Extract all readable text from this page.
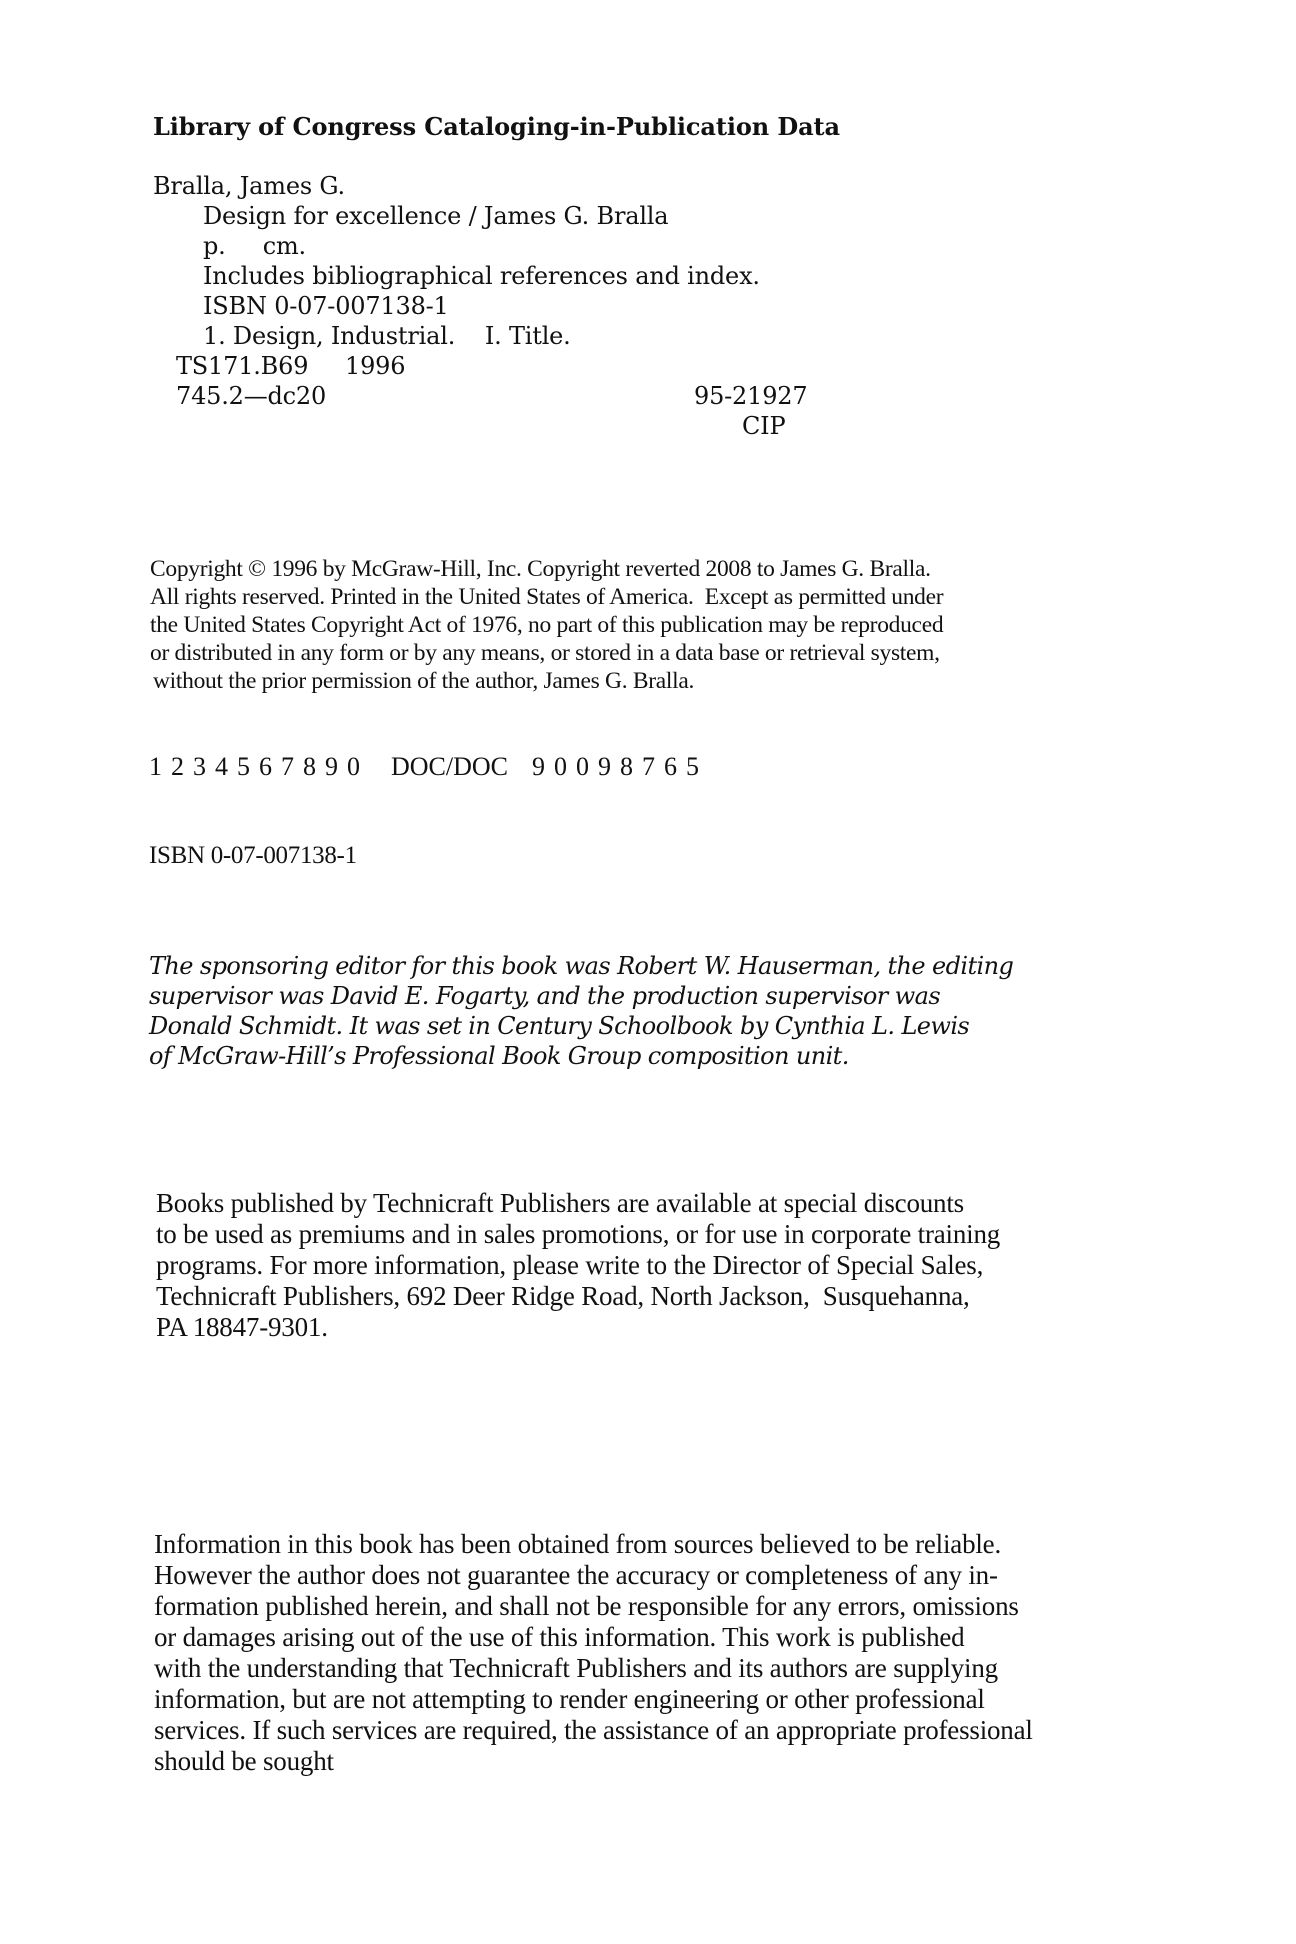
Library of Congress Cataloging-in-Publication Data

Bralla, James G.

Design for excellence / James G. Bralla

p.     cm.

Includes bibliographical references and index.

ISBN 0-07-007138-1

1. Design, Industrial.    I. Title.

TS171.B69 1996

745.2—dc20	95-21927

CIP

Copyright © 1996 by McGraw-Hill, Inc. Copyright reverted 2008 to James G. Bralla.

All rights reserved. Printed in the United States of America.  Except as permitted under

the United States Copyright Act of 1976, no part of this publication may be reproduced

or distributed in any form or by any means, or stored in a data base or retrieval system,

without the prior permission of the author, James G. Bralla.

1234567890 DOC/DOC 90098765

ISBN 0-07-007138-1

The sponsoring editor for this book was Robert W. Hauserman, the editing

supervisor was David E. Fogarty, and the production supervisor was

Donald Schmidt. It was set in Century Schoolbook by Cynthia L. Lewis

of McGraw-Hill’s Professional Book Group composition unit.

Books published by Technicraft Publishers are available at special discounts

to be used as premiums and in sales promotions, or for use in corporate training

programs. For more information, please write to the Director of Special Sales,

Technicraft Publishers, 692 Deer Ridge Road, North Jackson,  Susquehanna,

PA 18847-9301.

Information in this book has been obtained from sources believed to be reliable.

However the author does not guarantee the accuracy or completeness of any in-

formation published herein, and shall not be responsible for any errors, omissions

or damages arising out of the use of this information. This work is published

with the understanding that Technicraft Publishers and its authors are supplying

information, but are not attempting to render engineering or other professional

services. If such services are required, the assistance of an appropriate professional

should be sought
